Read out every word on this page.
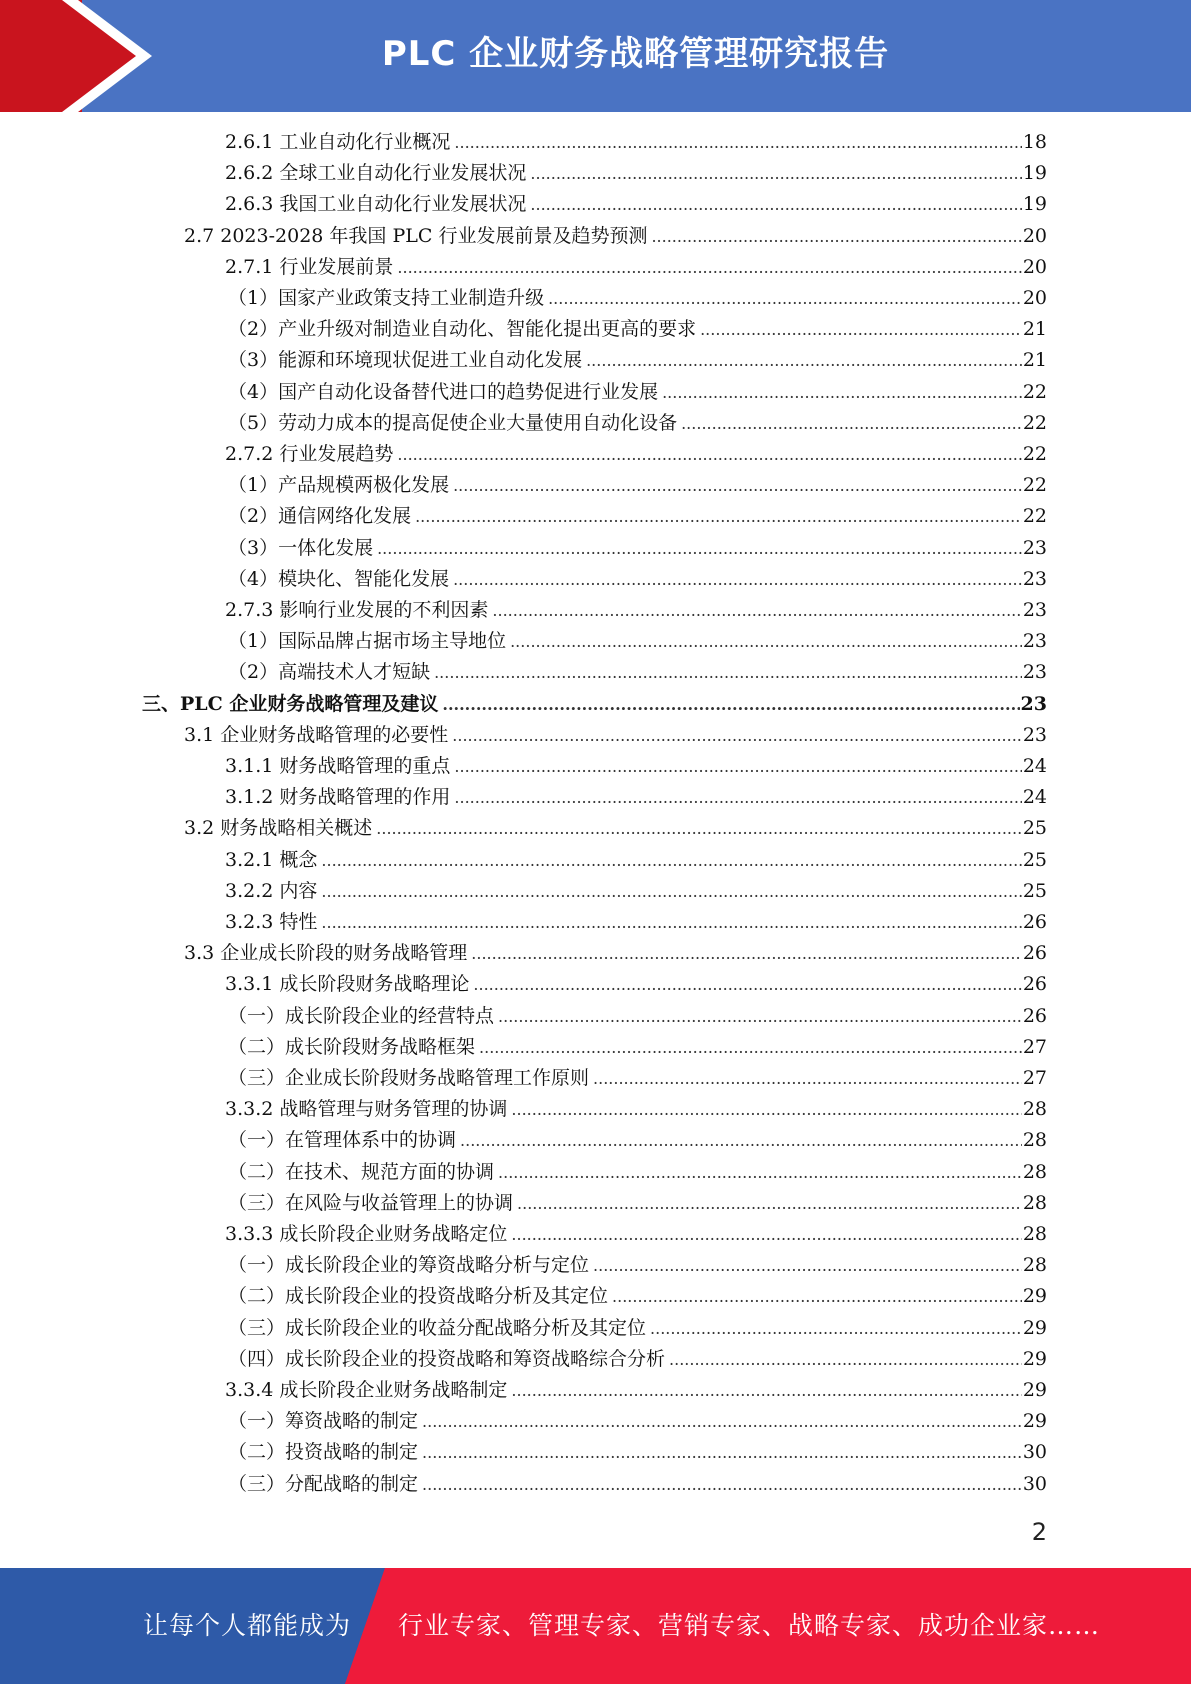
PLC 企业财务战略管理研究报告
2.6.1 工业自动化行业概况 .....	18
2.6.2 全球工业自动化行业发展状况 .....	19
2.6.3 我国工业自动化行业发展状况 .....	19
2.7 2023-2028 年我国 PLC 行业发展前景及趋势预测 .....	20
2.7.1 行业发展前景 .....	20
（1）国家产业政策支持工业制造升级 .....	20
（2）产业升级对制造业自动化、智能化提出更高的要求 .....	21
（3）能源和环境现状促进工业自动化发展 .....	21
（4）国产自动化设备替代进口的趋势促进行业发展 .....	22
（5）劳动力成本的提高促使企业大量使用自动化设备 .....	22
2.7.2 行业发展趋势 .....	22
（1）产品规模两极化发展 .....	22
（2）通信网络化发展 .....	22
（3）一体化发展 .....	23
（4）模块化、智能化发展 .....	23
2.7.3 影响行业发展的不利因素 .....	23
（1）国际品牌占据市场主导地位 .....	23
（2）高端技术人才短缺 .....	23
三、PLC 企业财务战略管理及建议 .....	23
3.1 企业财务战略管理的必要性 .....	23
3.1.1 财务战略管理的重点 .....	24
3.1.2 财务战略管理的作用 .....	24
3.2 财务战略相关概述 .....	25
3.2.1 概念 .....	25
3.2.2 内容 .....	25
3.2.3 特性 .....	26
3.3 企业成长阶段的财务战略管理 .....	26
3.3.1 成长阶段财务战略理论 .....	26
（一）成长阶段企业的经营特点 .....	26
（二）成长阶段财务战略框架 .....	27
（三）企业成长阶段财务战略管理工作原则 .....	27
3.3.2 战略管理与财务管理的协调 .....	28
（一）在管理体系中的协调 .....	28
（二）在技术、规范方面的协调 .....	28
（三）在风险与收益管理上的协调 .....	28
3.3.3 成长阶段企业财务战略定位 .....	28
（一）成长阶段企业的筹资战略分析与定位 .....	28
（二）成长阶段企业的投资战略分析及其定位 .....	29
（三）成长阶段企业的收益分配战略分析及其定位 .....	29
（四）成长阶段企业的投资战略和筹资战略综合分析 .....	29
3.3.4 成长阶段企业财务战略制定 .....	29
（一）筹资战略的制定 .....	29
（二）投资战略的制定 .....	30
（三）分配战略的制定 .....	30
2
让每个人都能成为 行业专家、管理专家、营销专家、战略专家、成功企业家……
